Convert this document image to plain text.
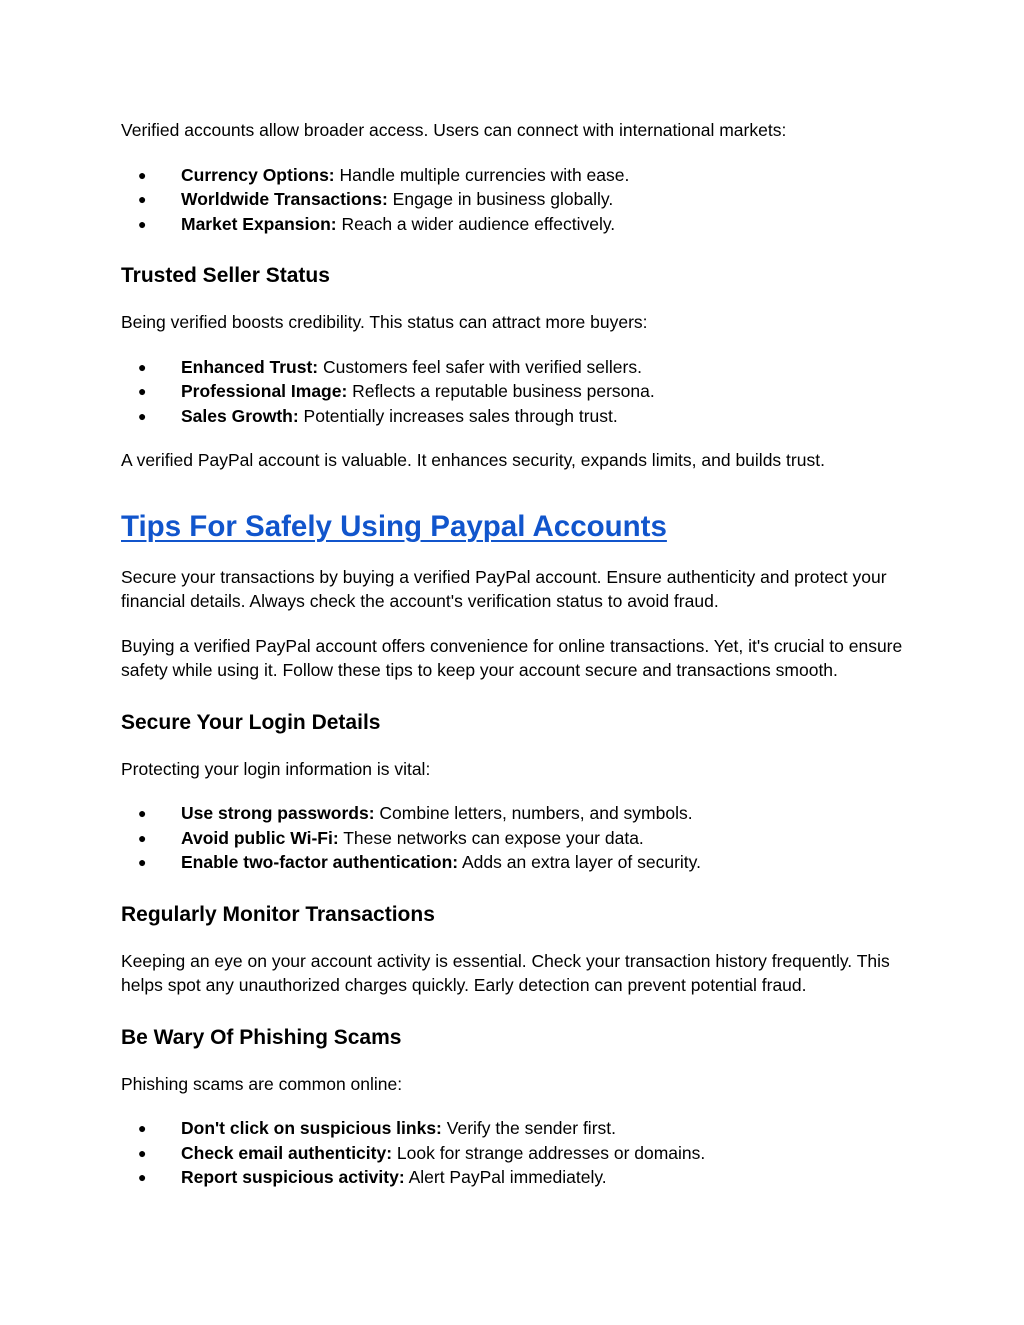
Verified accounts allow broader access. Users can connect with international markets:

● Currency Options: Handle multiple currencies with ease.
● Worldwide Transactions: Engage in business globally.
● Market Expansion: Reach a wider audience effectively.
Trusted Seller Status

Being verified boosts credibility. This status can attract more buyers:

● Enhanced Trust: Customers feel safer with verified sellers.
● Professional Image: Reflects a reputable business persona.
● Sales Growth: Potentially increases sales through trust.

A verified PayPal account is valuable. It enhances security, expands limits, and builds trust.

Tips For Safely Using Paypal Accounts

Secure your transactions by buying a verified PayPal account. Ensure authenticity and protect your financial details. Always check the account's verification status to avoid fraud.

Buying a verified PayPal account offers convenience for online transactions. Yet, it's crucial to ensure safety while using it. Follow these tips to keep your account secure and transactions smooth.

Secure Your Login Details

Protecting your login information is vital:

● Use strong passwords: Combine letters, numbers, and symbols.
● Avoid public Wi-Fi: These networks can expose your data.
● Enable two-factor authentication: Adds an extra layer of security.
Regularly Monitor Transactions

Keeping an eye on your account activity is essential. Check your transaction history frequently. This helps spot any unauthorized charges quickly. Early detection can prevent potential fraud.

Be Wary Of Phishing Scams

Phishing scams are common online:

● Don't click on suspicious links: Verify the sender first.
● Check email authenticity: Look for strange addresses or domains.
● Report suspicious activity: Alert PayPal immediately.
